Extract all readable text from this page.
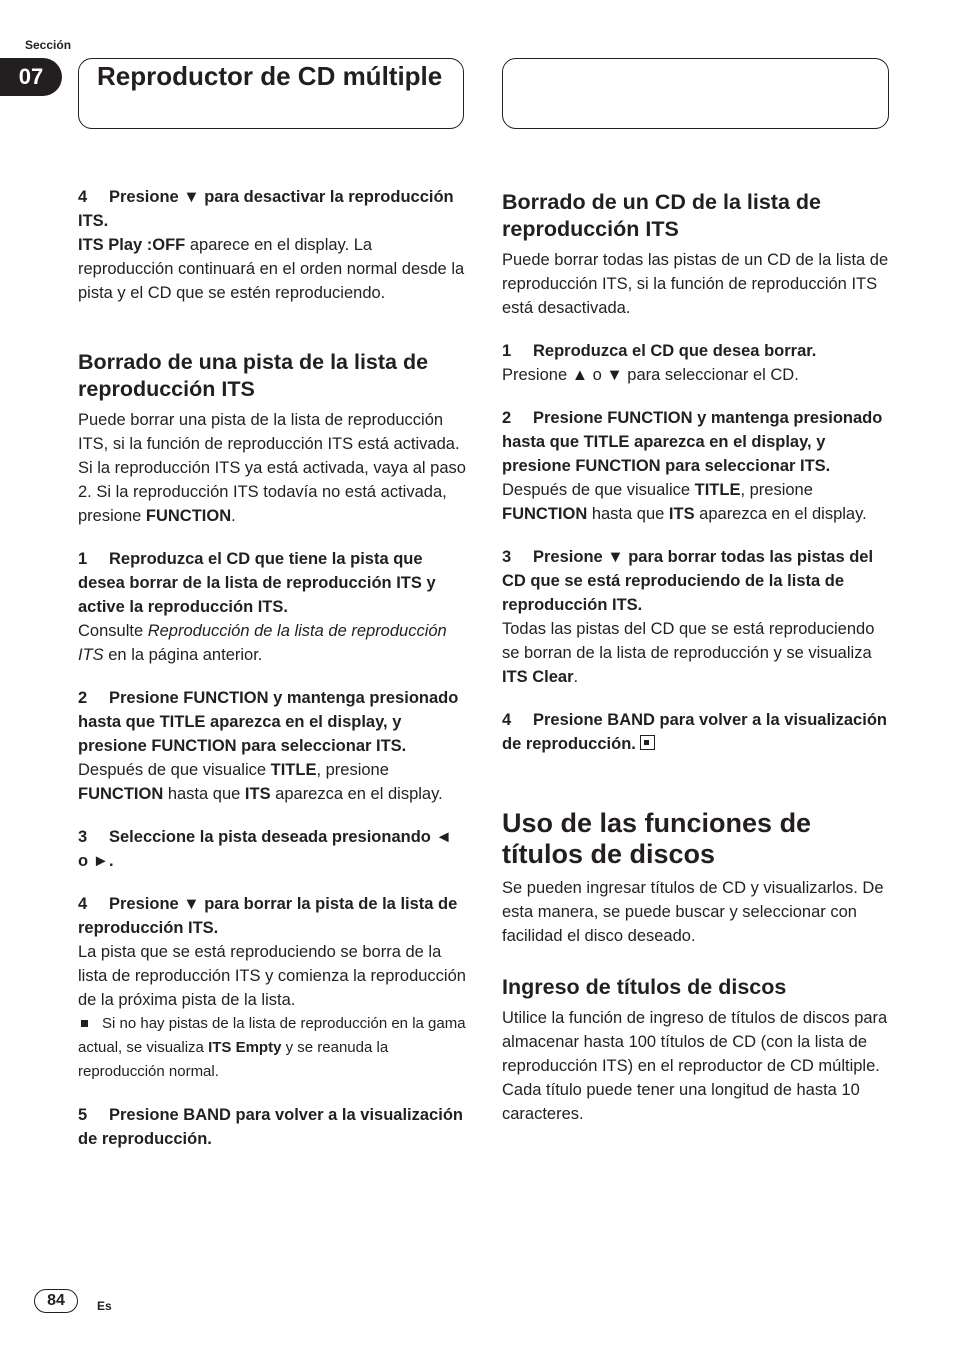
Sección
07	Reproductor de CD múltiple
4 Presione ▼ para desactivar la reproducción ITS.
ITS Play :OFF aparece en el display. La reproducción continuará en el orden normal desde la pista y el CD que se estén reproduciendo.
Borrado de una pista de la lista de reproducción ITS
Puede borrar una pista de la lista de reproducción ITS, si la función de reproducción ITS está activada.
Si la reproducción ITS ya está activada, vaya al paso 2. Si la reproducción ITS todavía no está activada, presione FUNCTION.
1 Reproduzca el CD que tiene la pista que desea borrar de la lista de reproducción ITS y active la reproducción ITS.
Consulte Reproducción de la lista de reproducción ITS en la página anterior.
2 Presione FUNCTION y mantenga presionado hasta que TITLE aparezca en el display, y presione FUNCTION para seleccionar ITS.
Después de que visualice TITLE, presione FUNCTION hasta que ITS aparezca en el display.
3 Seleccione la pista deseada presionando ◄ o ►.
4 Presione ▼ para borrar la pista de la lista de reproducción ITS.
La pista que se está reproduciendo se borra de la lista de reproducción ITS y comienza la reproducción de la próxima pista de la lista.
Si no hay pistas de la lista de reproducción en la gama actual, se visualiza ITS Empty y se reanuda la reproducción normal.
5 Presione BAND para volver a la visualización de reproducción.
Borrado de un CD de la lista de reproducción ITS
Puede borrar todas las pistas de un CD de la lista de reproducción ITS, si la función de reproducción ITS está desactivada.
1 Reproduzca el CD que desea borrar.
Presione ▲ o ▼ para seleccionar el CD.
2 Presione FUNCTION y mantenga presionado hasta que TITLE aparezca en el display, y presione FUNCTION para seleccionar ITS.
Después de que visualice TITLE, presione FUNCTION hasta que ITS aparezca en el display.
3 Presione ▼ para borrar todas las pistas del CD que se está reproduciendo de la lista de reproducción ITS.
Todas las pistas del CD que se está reproduciendo se borran de la lista de reproducción y se visualiza ITS Clear.
4 Presione BAND para volver a la visualización de reproducción.
Uso de las funciones de títulos de discos
Se pueden ingresar títulos de CD y visualizarlos. De esta manera, se puede buscar y seleccionar con facilidad el disco deseado.
Ingreso de títulos de discos
Utilice la función de ingreso de títulos de discos para almacenar hasta 100 títulos de CD (con la lista de reproducción ITS) en el reproductor de CD múltiple. Cada título puede tener una longitud de hasta 10 caracteres.
84	Es
